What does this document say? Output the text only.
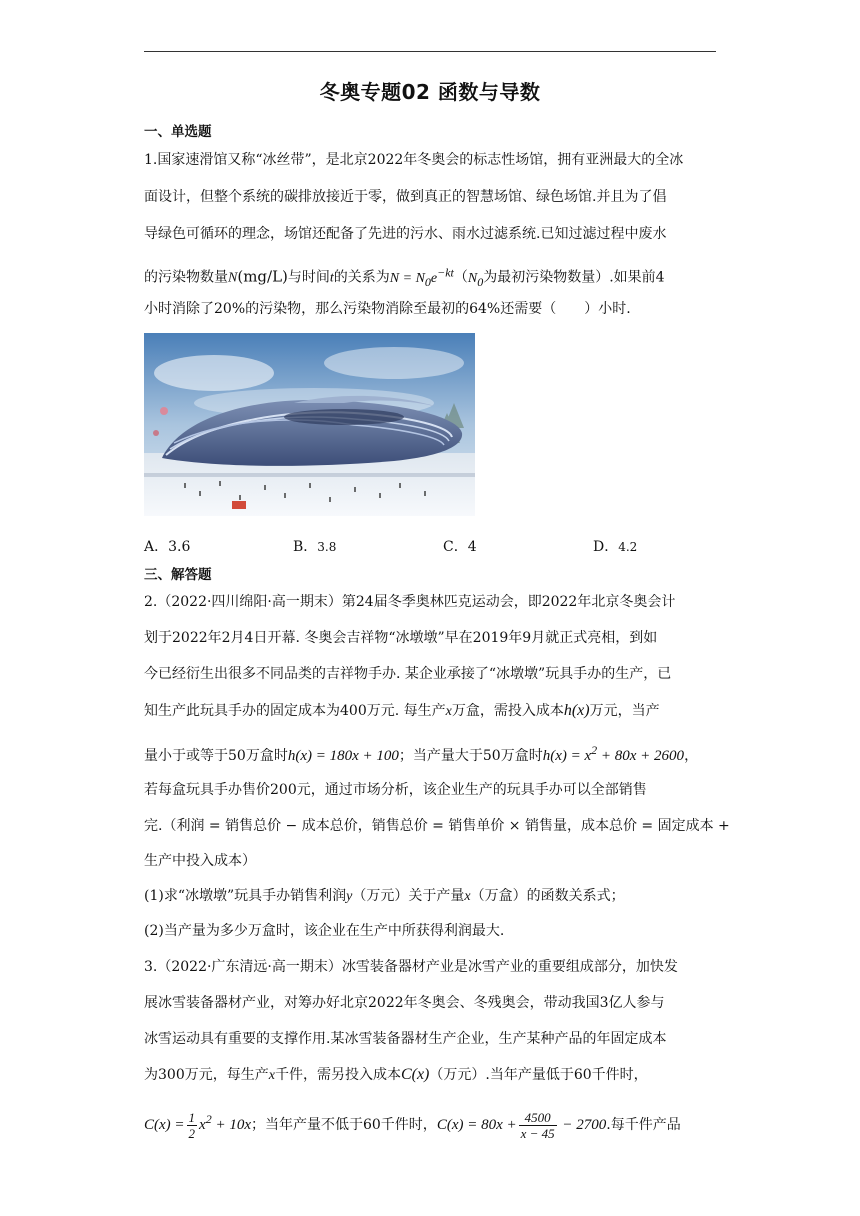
冬奥专题02 函数与导数
一、单选题
1.国家速滑馆又称“冰丝带”，是北京2022年冬奥会的标志性场馆，拥有亚洲最大的全冰
面设计，但整个系统的碳排放接近于零，做到真正的智慧场馆、绿色场馆.并且为了倡
导绿色可循环的理念，场馆还配备了先进的污水、雨水过滤系统.已知过滤过程中废水
的污染物数量N(mg/L)与时间t的关系为$N = N_0e^{-kt}(N_0$为最初污染物数量）.如果前4
小时消除了20%的污染物，那么污染物消除至最初的64%还需要（　　）小时.
A．3.6	B．3.8	C．4	D．4.2
三、解答题
2.（2022·四川绵阳·高一期末）第24届冬季奥林匹克运动会，即2022年北京冬奥会计
划于2022年2月4日开幕. 冬奥会吉祥物“冰墩墩”早在2019年9月就正式亮相，到如
今已经衍生出很多不同品类的吉祥物手办. 某企业承接了“冰墩墩”玩具手办的生产，已
知生产此玩具手办的固定成本为400万元. 每生产x万盒，需投入成本h(x)万元，当产
量小于或等于50万盒时h(x) = 180x + 100；当产量大于50万盒时$h(x) = x^2 + 80x + 2600$，
若每盒玩具手办售价200元，通过市场分析，该企业生产的玩具手办可以全部销售
完.（利润 = 销售总价 − 成本总价，销售总价 = 销售单价 × 销售量，成本总价 = 固定成本 +
生产中投入成本）
(1)求“冰墩墩”玩具手办销售利润y（万元）关于产量x（万盒）的函数关系式；
(2)当产量为多少万盒时，该企业在生产中所获得利润最大.
3.（2022·广东清远·高一期末）冰雪装备器材产业是冰雪产业的重要组成部分，加快发
展冰雪装备器材产业，对筹办好北京2022年冬奥会、冬残奥会，带动我国3亿人参与
冰雪运动具有重要的支撑作用.某冰雪装备器材生产企业，生产某种产品的年固定成本
为300万元，每生产x千件，需另投入成本C(x)（万元）.当年产量低于60千件时，
$C(x) = \frac{1}{2} x^2 + 10x$；当年产量不低于60千件时，$C(x) = 80x + \frac{4500}{x - 45} - 2700$.每千件产品
